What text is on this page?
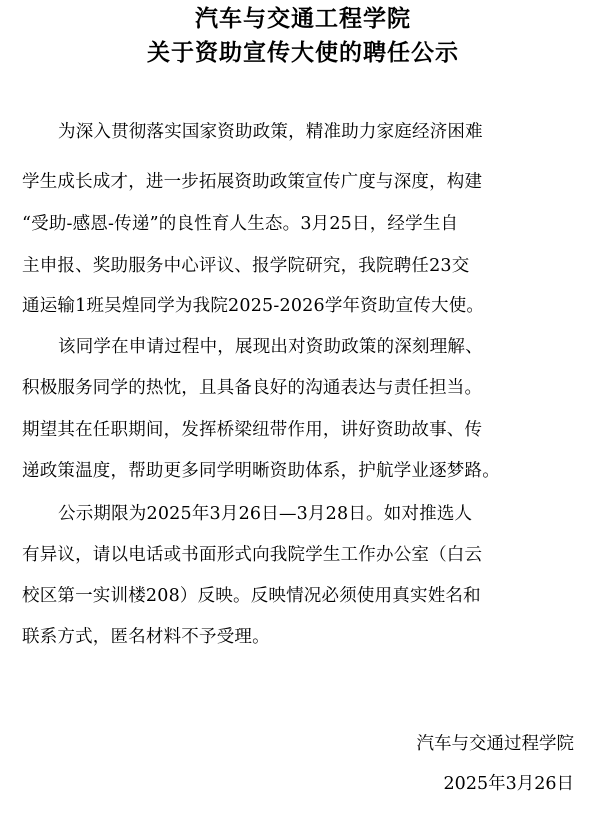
汽车与交通工程学院
关于资助宣传大使的聘任公示
为深入贯彻落实国家资助政策，精准助力家庭经济困难
学生成长成才，进一步拓展资助政策宣传广度与深度，构建
“受助-感恩-传递”的良性育人生态。3月25日，经学生自
主申报、奖助服务中心评议、报学院研究，我院聘任23交
通运输1班吴煌同学为我院2025-2026学年资助宣传大使。
该同学在申请过程中，展现出对资助政策的深刻理解、
积极服务同学的热忱，且具备良好的沟通表达与责任担当。
期望其在任职期间，发挥桥梁纽带作用，讲好资助故事、传
递政策温度，帮助更多同学明晰资助体系，护航学业逐梦路。
公示期限为2025年3月26日—3月28日。如对推选人
有异议，请以电话或书面形式向我院学生工作办公室（白云
校区第一实训楼208）反映。反映情况必须使用真实姓名和
联系方式，匿名材料不予受理。
汽车与交通过程学院
2025年3月26日
